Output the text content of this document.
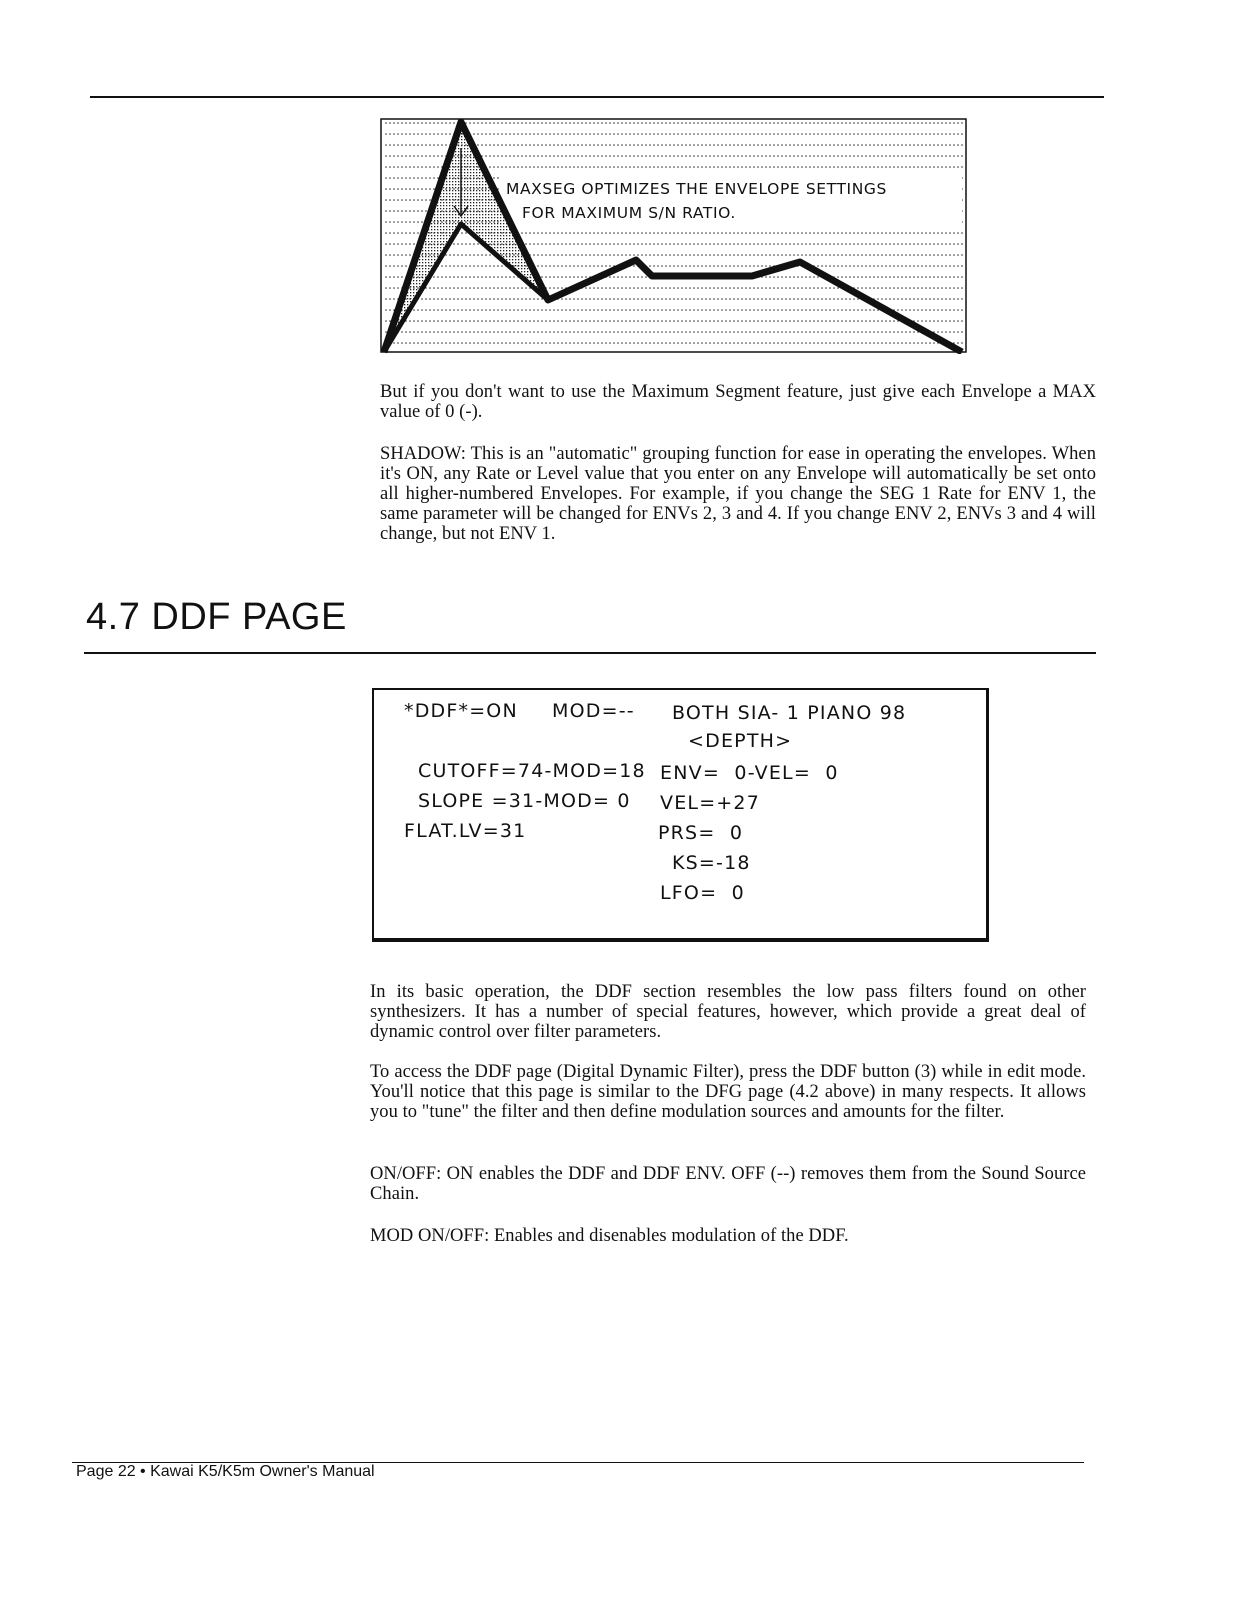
MAXSEG OPTIMIZES THE ENVELOPE SETTINGS
FOR MAXIMUM S/N RATIO.

But if you don't want to use the Maximum Segment feature, just give each Envelope a MAX value of 0 (-).

SHADOW: This is an "automatic" grouping function for ease in operating the envelopes. When it's ON, any Rate or Level value that you enter on any Envelope will automatically be set onto all higher-numbered Envelopes. For example, if you change the SEG 1 Rate for ENV 1, the same parameter will be changed for ENVs 2, 3 and 4. If you change ENV 2, ENVs 3 and 4 will change, but not ENV 1.

4.7 DDF PAGE
*DDF*=ON MOD=-- BOTH SIA- 1 PIANO 98
<DEPTH>
CUTOFF=74-MOD=18 ENV=  0-VEL=  0
SLOPE =31-MOD= 0 VEL=+27
FLAT.LV=31	PRS=  0
KS=-18
LFO=  0

In its basic operation, the DDF section resembles the low pass filters found on other synthesizers. It has a number of special features, however, which provide a great deal of dynamic control over filter parameters.

To access the DDF page (Digital Dynamic Filter), press the DDF button (3) while in edit mode. You'll notice that this page is similar to the DFG page (4.2 above) in many respects. It allows you to "tune" the filter and then define modulation sources and amounts for the filter.

ON/OFF: ON enables the DDF and DDF ENV. OFF (--) removes them from the Sound Source Chain.

MOD ON/OFF: Enables and disenables modulation of the DDF.

Page 22 • Kawai K5/K5m Owner's Manual
